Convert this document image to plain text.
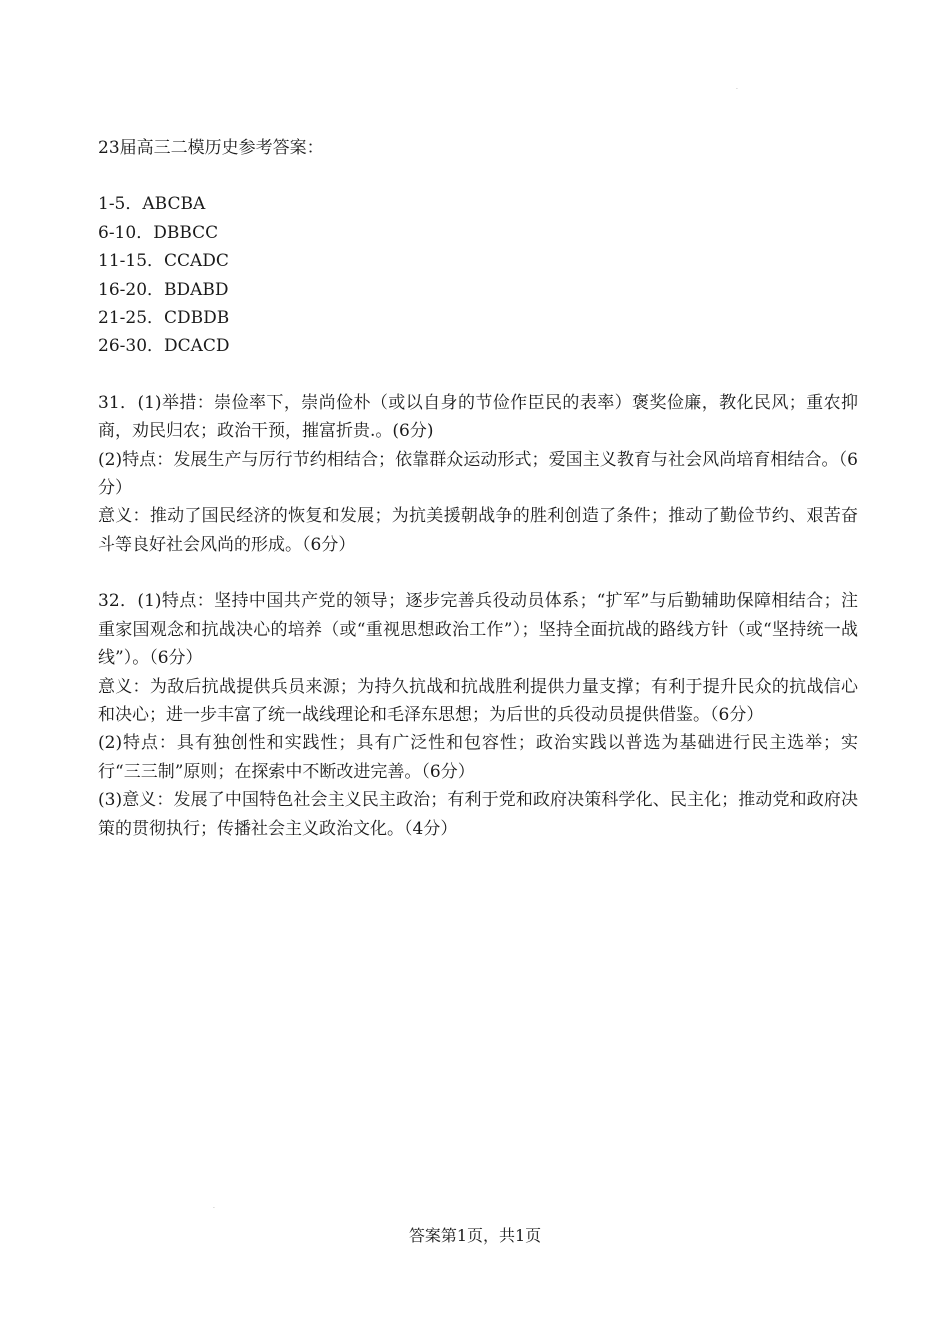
·

23届高三二模历史参考答案：

1-5．ABCBA
6-10．DBBCC
11-15．CCADC
16-20．BDABD
21-25．CDBDB
26-30．DCACD

31．(1)举措：崇俭率下，崇尚俭朴（或以自身的节俭作臣民的表率）褒奖俭廉，教化民风；重农抑商，劝民归农；政治干预，摧富折贵.。(6分)

(2)特点：发展生产与厉行节约相结合；依靠群众运动形式；爱国主义教育与社会风尚培育相结合。（6分）

意义：推动了国民经济的恢复和发展；为抗美援朝战争的胜利创造了条件；推动了勤俭节约、艰苦奋斗等良好社会风尚的形成。（6分）

32．(1)特点：坚持中国共产党的领导；逐步完善兵役动员体系；“扩军”与后勤辅助保障相结合；注重家国观念和抗战决心的培养（或“重视思想政治工作”）；坚持全面抗战的路线方针（或“坚持统一战线”）。（6分）

意义：为敌后抗战提供兵员来源；为持久抗战和抗战胜利提供力量支撑；有利于提升民众的抗战信心和决心；进一步丰富了统一战线理论和毛泽东思想；为后世的兵役动员提供借鉴。（6分）

(2)特点：具有独创性和实践性；具有广泛性和包容性；政治实践以普选为基础进行民主选举；实行“三三制”原则；在探索中不断改进完善。（6分）

(3)意义：发展了中国特色社会主义民主政治；有利于党和政府决策科学化、民主化；推动党和政府决策的贯彻执行；传播社会主义政治文化。（4分）

·
答案第1页，共1页
